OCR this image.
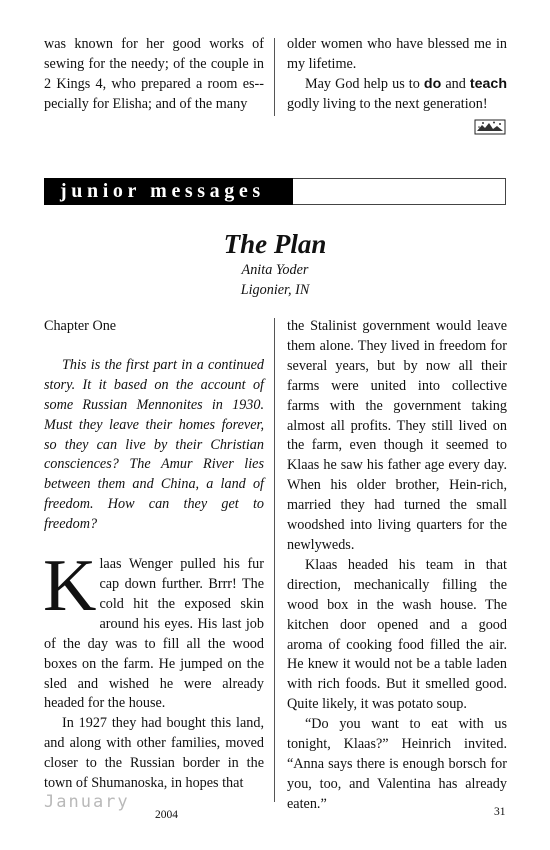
was known for her good works of sewing for the needy; of the couple in 2 Kings 4, who prepared a room es-pecially for Elisha; and of the many

older women who have blessed me in my lifetime.

May God help us to do and teach godly living to the next generation!

junior messages
The Plan
Anita Yoder
Ligonier, IN

Chapter One

This is the first part in a continued story. It it based on the account of some Russian Mennonites in 1930. Must they leave their homes forever, so they can live by their Christian consciences? The Amur River lies between them and China, a land of freedom. How can they get to freedom?

Klaas Wenger pulled his fur cap down further. Brrr! The cold hit the exposed skin around his eyes. His last job of the day was to fill all the wood boxes on the farm. He jumped on the sled and wished he were already headed for the house.

In 1927 they had bought this land, and along with other families, moved closer to the Russian border in the town of Shumanoska, in hopes that

the Stalinist government would leave them alone. They lived in freedom for several years, but by now all their farms were united into collective farms with the government taking almost all profits. They still lived on the farm, even though it seemed to Klaas he saw his father age every day. When his older brother, Hein-rich, married they had turned the small woodshed into living quarters for the newlyweds.

Klaas headed his team in that direction, mechanically filling the wood box in the wash house. The kitchen door opened and a good aroma of cooking food filled the air. He knew it would not be a table laden with rich foods. But it smelled good. Quite likely, it was potato soup.

“Do you want to eat with us tonight, Klaas?” Heinrich invited. “Anna says there is enough borsch for you, too, and Valentina has already eaten.”

January
2004	31
